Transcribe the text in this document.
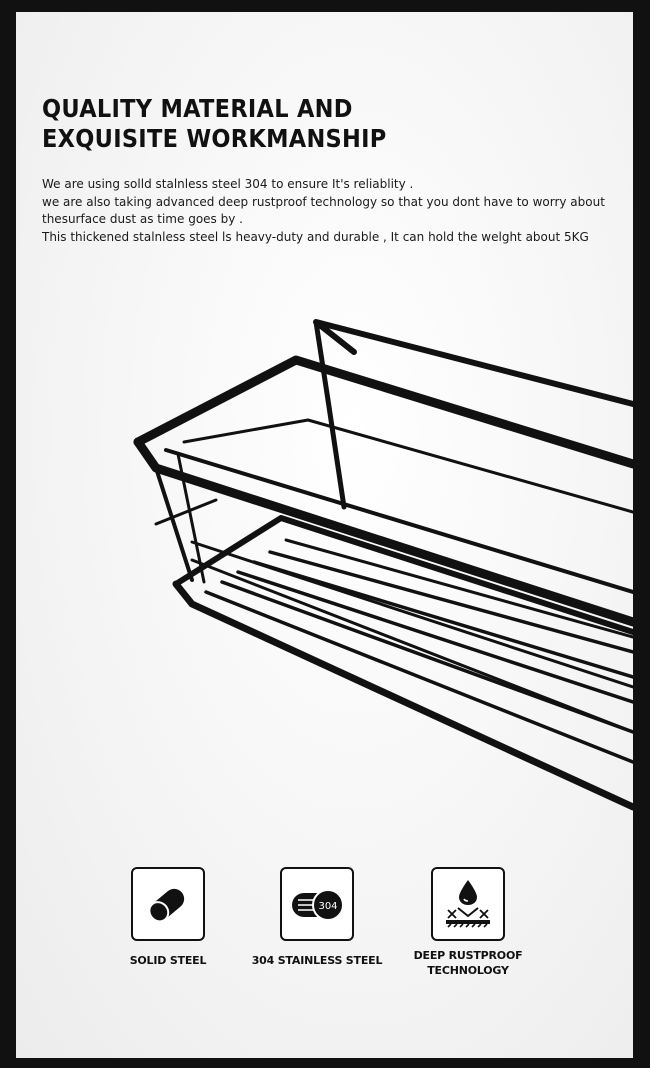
QUALITY MATERIAL AND
EXQUISITE WORKMANSHIP

We are using solld stalnless steel 304 to ensure It's reliablity .

we are also taking advanced deep rustproof technology so that you dont have to worry about thesurface dust as time goes by .

This thickened stalnless steel ls heavy-duty and durable , It can hold the welght about 5KG

SOLID STEEL
304
304 STAINLESS STEEL	DEEP RUSTPROOF
TECHNOLOGY
